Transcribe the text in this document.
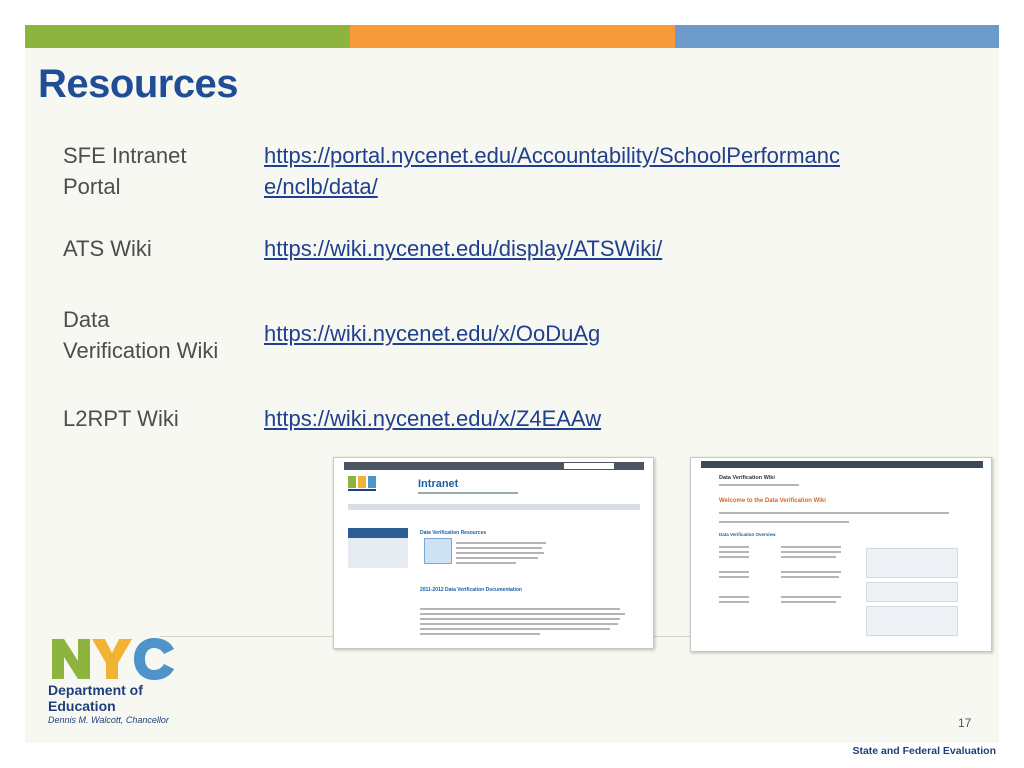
Resources
SFE Intranet
Portal
https://portal.nycenet.edu/Accountability/SchoolPerformanc
e/nclb/data/
ATS Wiki	https://wiki.nycenet.edu/display/ATSWiki/
Data
Verification Wiki
https://wiki.nycenet.edu/x/OoDuAg
L2RPT Wiki	https://wiki.nycenet.edu/x/Z4EAAw
Intranet
Data Verification Resources
2011-2012 Data Verification Documentation
Data Verification Wiki
Welcome to the Data Verification Wiki
Data Verification Overview
Department of
Education
Dennis M. Walcott, Chancellor	17
State and Federal Evaluation
